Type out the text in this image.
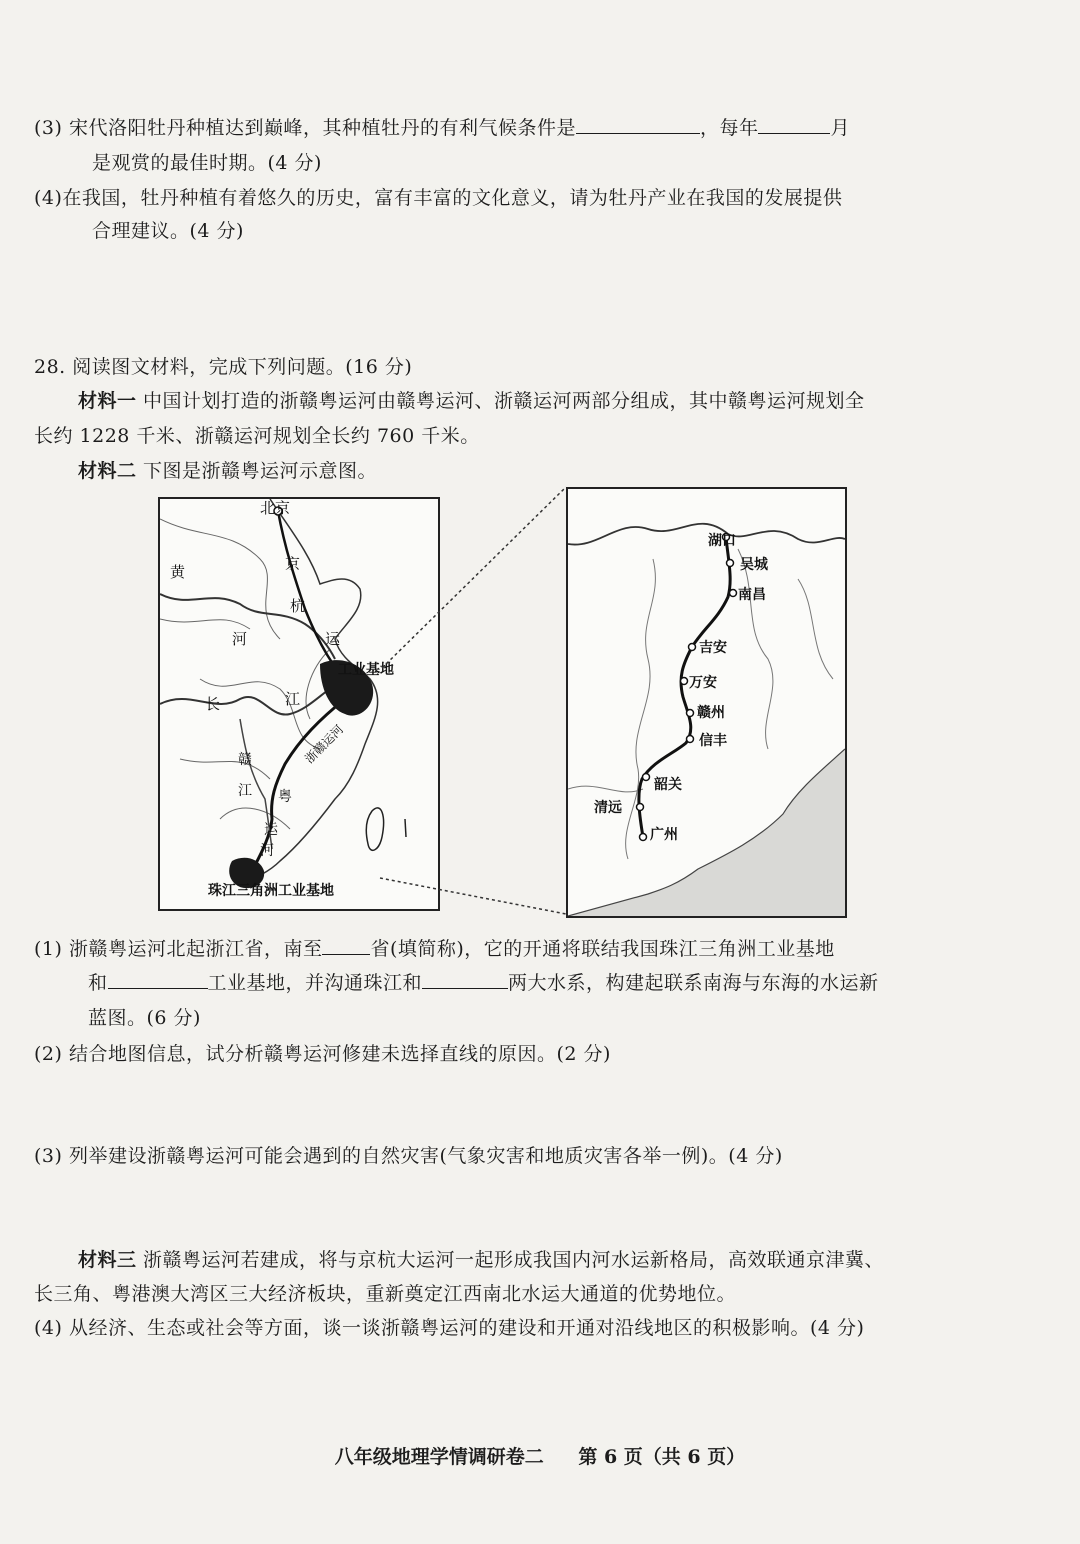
(3) 宋代洛阳牡丹种植达到巅峰，其种植牡丹的有利气候条件是	，每年	月
是观赏的最佳时期。(4 分)
(4)在我国，牡丹种植有着悠久的历史，富有丰富的文化意义，请为牡丹产业在我国的发展提供
合理建议。(4 分)
28. 阅读图文材料，完成下列问题。(16 分)
材料一 中国计划打造的浙赣粤运河由赣粤运河、浙赣运河两部分组成，其中赣粤运河规划全
长约 1228 千米、浙赣运河规划全长约 760 千米。
材料二 下图是浙赣粤运河示意图。
北京
黄
河
京
杭
运
长	江
工业基地
浙赣运河
赣
江 粤
运
河
珠江三角洲工业基地
湖口
吴城
南昌
吉安
万安
赣州
信丰
韶关
清远
广州
(1) 浙赣粤运河北起浙江省，南至	省(填简称)，它的开通将联结我国珠江三角洲工业基地
和	工业基地，并沟通珠江和	两大水系，构建起联系南海与东海的水运新
蓝图。(6 分)
(2) 结合地图信息，试分析赣粤运河修建未选择直线的原因。(2 分)
(3) 列举建设浙赣粤运河可能会遇到的自然灾害(气象灾害和地质灾害各举一例)。(4 分)
材料三 浙赣粤运河若建成，将与京杭大运河一起形成我国内河水运新格局，高效联通京津冀、
长三角、粤港澳大湾区三大经济板块，重新奠定江西南北水运大通道的优势地位。
(4) 从经济、生态或社会等方面，谈一谈浙赣粤运河的建设和开通对沿线地区的积极影响。(4 分)
八年级地理学情调研卷二 第 6 页（共 6 页）
